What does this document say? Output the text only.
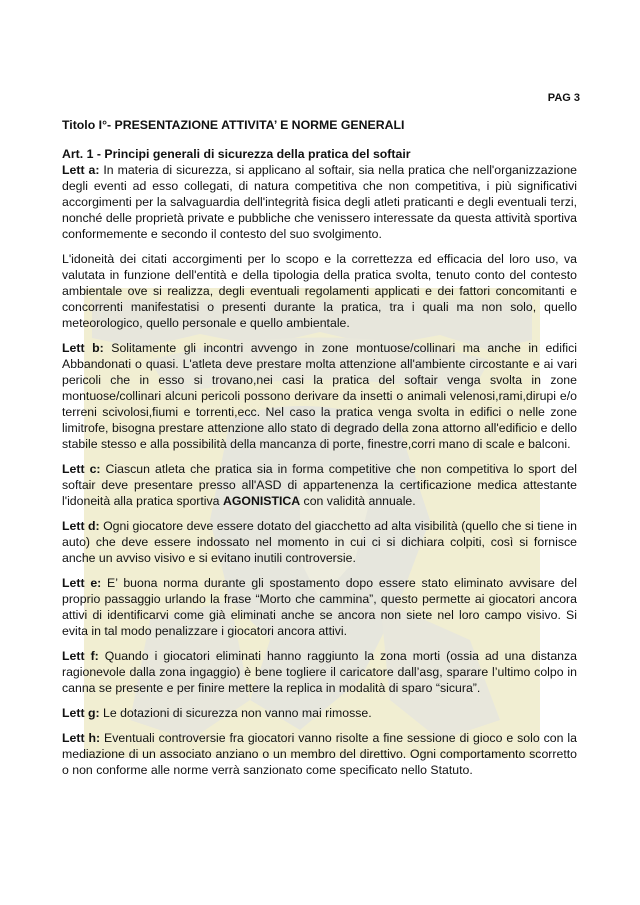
PAG 3
Titolo I°- PRESENTAZIONE ATTIVITA’ E NORME GENERALI
Art. 1 - Principi generali di sicurezza della pratica del softair

Lett a: In materia di sicurezza, si applicano al softair, sia nella pratica che nell'organizzazione degli eventi ad esso collegati, di natura competitiva che non competitiva, i più significativi accorgimenti per la salvaguardia dell'integrità fisica degli atleti praticanti e degli eventuali terzi, nonché delle proprietà private e pubbliche che venissero interessate da questa attività sportiva conformemente e secondo il contesto del suo svolgimento.

L'idoneità dei citati accorgimenti per lo scopo e la correttezza ed efficacia del loro uso, va valutata in funzione dell'entità e della tipologia della pratica svolta, tenuto conto del contesto ambientale ove si realizza, degli eventuali regolamenti applicati e dei fattori concomitanti e concorrenti manifestatisi o presenti durante la pratica, tra i quali ma non solo, quello meteorologico, quello personale e quello ambientale.

Lett b: Solitamente gli incontri avvengo in zone montuose/collinari ma anche in edifici Abbandonati o quasi. L'atleta deve prestare molta attenzione all'ambiente circostante e ai vari pericoli che in esso si trovano,nei casi la pratica del softair venga svolta in zone montuose/collinari alcuni pericoli possono derivare da insetti o animali velenosi,rami,dirupi e/o terreni scivolosi,fiumi e torrenti,ecc. Nel caso la pratica venga svolta in edifici o nelle zone limitrofe, bisogna prestare attenzione allo stato di degrado della zona attorno all'edificio e dello stabile stesso e alla possibilità della mancanza di porte, finestre,corri mano di scale e balconi.

Lett c: Ciascun atleta che pratica sia in forma competitive che non competitiva lo sport del softair deve presentare presso all'ASD di appartenenza la certificazione medica attestante l'idoneità alla pratica sportiva AGONISTICA con validità annuale.

Lett d: Ogni giocatore deve essere dotato del giacchetto ad alta visibilità (quello che si tiene in auto) che deve essere indossato nel momento in cui ci si dichiara colpiti, così si fornisce anche un avviso visivo e si evitano inutili controversie.

Lett e: E’ buona norma durante gli spostamento dopo essere stato eliminato avvisare del proprio passaggio urlando la frase “Morto che cammina”, questo permette ai giocatori ancora attivi di identificarvi come già eliminati anche se ancora non siete nel loro campo visivo. Si evita in tal modo penalizzare i giocatori ancora attivi.

Lett f: Quando i giocatori eliminati hanno raggiunto la zona morti (ossia ad una distanza ragionevole dalla zona ingaggio) è bene togliere il caricatore dall’asg, sparare l’ultimo colpo in canna se presente e per finire mettere la replica in modalità di sparo “sicura”.

Lett g: Le dotazioni di sicurezza non vanno mai rimosse.

Lett h: Eventuali controversie fra giocatori vanno risolte a fine sessione di gioco e solo con la mediazione di un associato anziano o un membro del direttivo. Ogni comportamento scorretto o non conforme alle norme verrà sanzionato come specificato nello Statuto.
